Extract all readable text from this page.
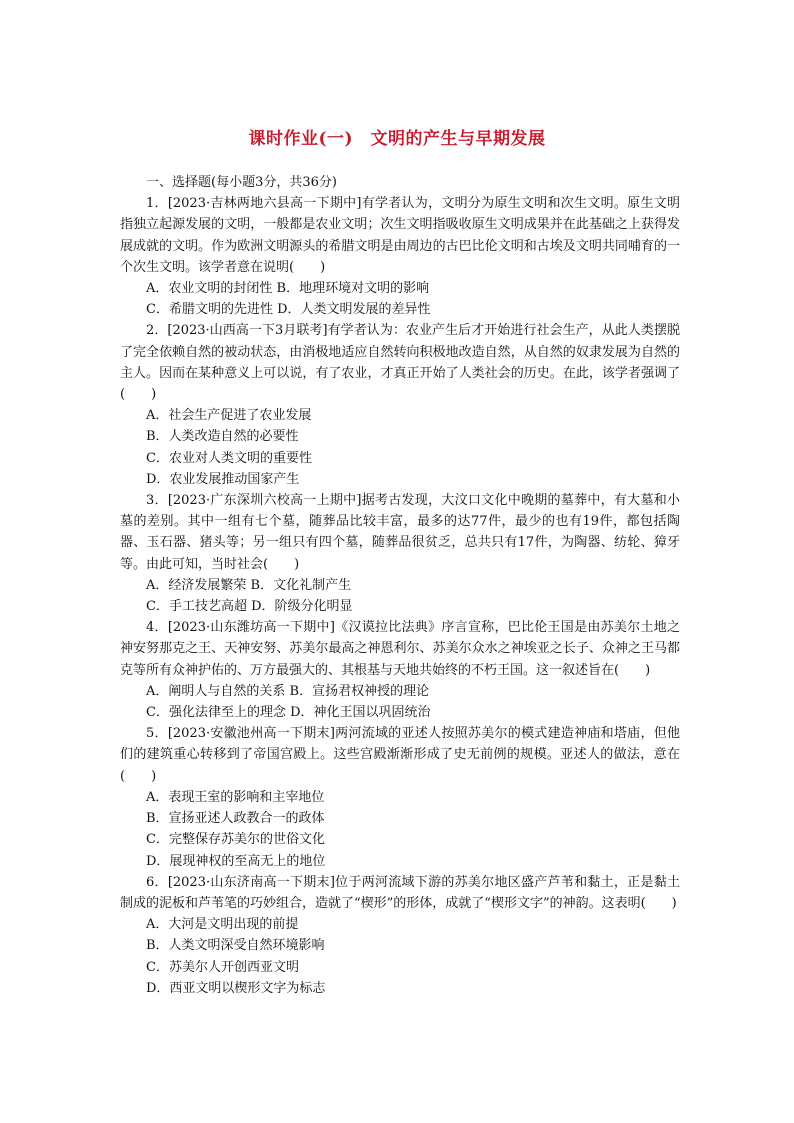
课时作业(一)　文明的产生与早期发展

一、选择题(每小题3分，共36分)

1．[2023·吉林两地六县高一下期中]有学者认为，文明分为原生文明和次生文明。原生文明指独立起源发展的文明，一般都是农业文明；次生文明指吸收原生文明成果并在此基础之上获得发展成就的文明。作为欧洲文明源头的希腊文明是由周边的古巴比伦文明和古埃及文明共同哺育的一个次生文明。该学者意在说明(　　)

A．农业文明的封闭性 B．地理环境对文明的影响

C．希腊文明的先进性 D．人类文明发展的差异性

2．[2023·山西高一下3月联考]有学者认为：农业产生后才开始进行社会生产，从此人类摆脱了完全依赖自然的被动状态，由消极地适应自然转向积极地改造自然，从自然的奴隶发展为自然的主人。因而在某种意义上可以说，有了农业，才真正开始了人类社会的历史。在此，该学者强调了(　　)

A．社会生产促进了农业发展

B．人类改造自然的必要性

C．农业对人类文明的重要性

D．农业发展推动国家产生

3．[2023·广东深圳六校高一上期中]据考古发现，大汶口文化中晚期的墓葬中，有大墓和小墓的差别。其中一组有七个墓，随葬品比较丰富，最多的达77件，最少的也有19件，都包括陶器、玉石器、猪头等；另一组只有四个墓，随葬品很贫乏，总共只有17件，为陶器、纺轮、獐牙等。由此可知，当时社会(　　)

A．经济发展繁荣 B．文化礼制产生

C．手工技艺高超 D．阶级分化明显

4．[2023·山东潍坊高一下期中]《汉谟拉比法典》序言宣称，巴比伦王国是由苏美尔土地之神安努那克之王、天神安努、苏美尔最高之神恩利尔、苏美尔众水之神埃亚之长子、众神之王马都克等所有众神护佑的、万方最强大的、其根基与天地共始终的不朽王国。这一叙述旨在(　　)

A．阐明人与自然的关系 B．宣扬君权神授的理论

C．强化法律至上的理念 D．神化王国以巩固统治

5．[2023·安徽池州高一下期末]两河流域的亚述人按照苏美尔的模式建造神庙和塔庙，但他们的建筑重心转移到了帝国宫殿上。这些宫殿渐渐形成了史无前例的规模。亚述人的做法，意在(　　)

A．表现王室的影响和主宰地位

B．宣扬亚述人政教合一的政体

C．完整保存苏美尔的世俗文化

D．展现神权的至高无上的地位

6．[2023·山东济南高一下期末]位于两河流域下游的苏美尔地区盛产芦苇和黏土，正是黏土制成的泥板和芦苇笔的巧妙组合，造就了“楔形”的形体，成就了“楔形文字”的神韵。这表明(　　)

A．大河是文明出现的前提

B．人类文明深受自然环境影响

C．苏美尔人开创西亚文明

D．西亚文明以楔形文字为标志
